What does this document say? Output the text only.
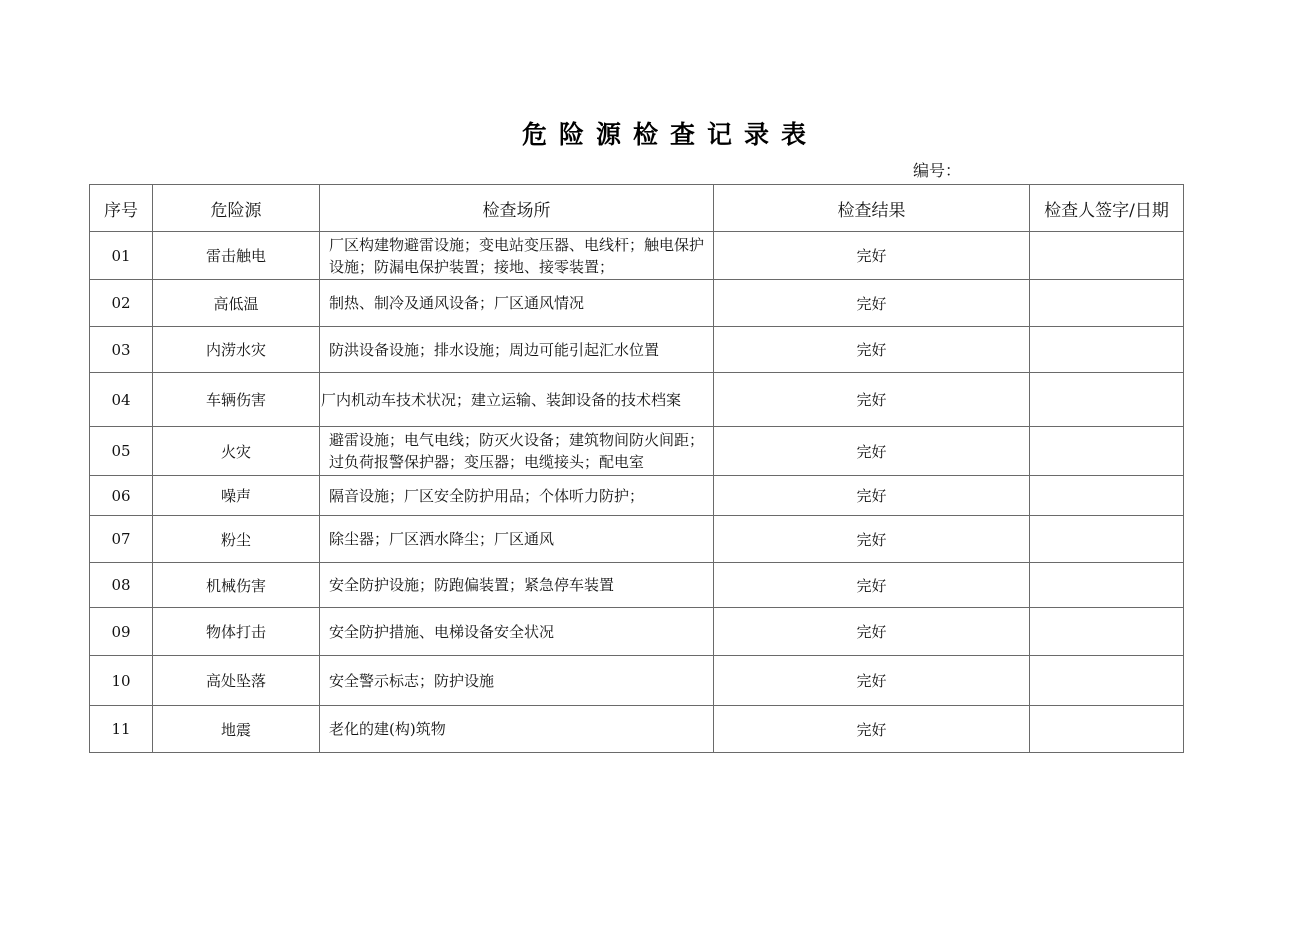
危险源检查记录表
编号：
序号	危险源	检查场所	检查结果	检查人签字/日期
01	雷击触电	厂区构建物避雷设施；变电站变压器、电线杆；触电保护设施；防漏电保护装置；接地、接零装置；	完好	
02	高低温	制热、制冷及通风设备；厂区通风情况	完好	
03	内涝水灾	防洪设备设施；排水设施；周边可能引起汇水位置	完好	
04	车辆伤害	厂内机动车技术状况；建立运输、装卸设备的技术档案	完好	
05	火灾	避雷设施；电气电线；防灭火设备；建筑物间防火间距；过负荷报警保护器；变压器；电缆接头；配电室	完好	
06	噪声	隔音设施；厂区安全防护用品；个体听力防护；	完好	
07	粉尘	除尘器；厂区洒水降尘；厂区通风	完好	
08	机械伤害	安全防护设施；防跑偏装置；紧急停车装置	完好	
09	物体打击	安全防护措施、电梯设备安全状况	完好	
10	高处坠落	安全警示标志；防护设施	完好	
11	地震	老化的建(构)筑物	完好	
